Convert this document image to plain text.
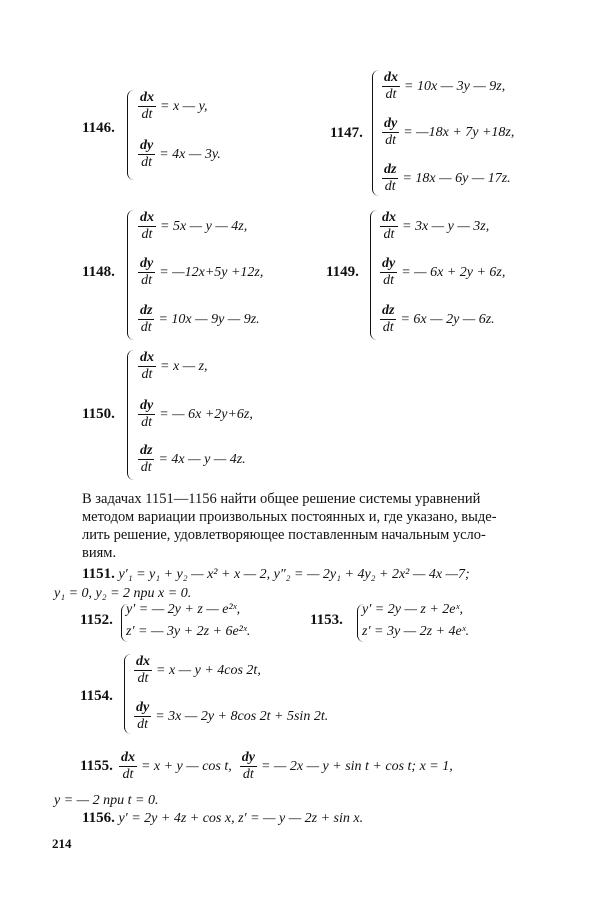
1146.
$\frac{dx}{dt} = x$ — y,
$\frac{dy}{dt} = 4x$ — 3y.
1147.
$\frac{dx}{dt} = 10x$ — 3y — 9z,
$\frac{dy}{dt}$ = —18x + 7y +18z,
$\frac{dz}{dt} = 18x$ — 6y — 17z.
1148.
$\frac{dx}{dt} = 5x$ — y — 4z,
$\frac{dy}{dt}$ = —12x+5y +12z,
$\frac{dz}{dt} = 10x$ — 9y — 9z.
1149.
$\frac{dx}{dt} = 3x$ — y — 3z,
$\frac{dy}{dt}$ = — 6x + 2y + 6z,
$\frac{dz}{dt} = 6x$ — 2y — 6z.
1150.
$\frac{dx}{dt} = x$ — z,
$\frac{dy}{dt}$ = — 6x +2y+6z,
$\frac{dz}{dt} = 4x$ — y — 4z.
В задачах 1151—1156 найти общее решение системы уравнений
методом вариации произвольных постоянных и, где указано, выде-
лить решение, удовлетворяющее поставленным начальным усло-
виям.
1151. y′₁ = y₁ + y₂ — x² + x — 2, y″₂ = — 2y₁ + 4y₂ + 2x² — 4x —7;
y₁ = 0, y₂ = 2 при x = 0.
1152.
y′ = — 2y + z — e²ˣ,
z′ = — 3y + 2z + 6e²ˣ.
1153.
y′ = 2y — z + 2eˣ,
z′ = 3y — 2z + 4eˣ.
1154.
$\frac{dx}{dt} = x$ — y + 4cos 2t,
$\frac{dy}{dt} = 3x$ — 2y + 8cos 2t + 5sin 2t.
1155. $\frac{dx}{dt} = x + y$ — cos t, $\frac{dy}{dt}$ = — 2x — y + sin t + cos t; x = 1,
y = — 2 при t = 0.
1156. y′ = 2y + 4z + cos x, z′ = — y — 2z + sin x.
214
